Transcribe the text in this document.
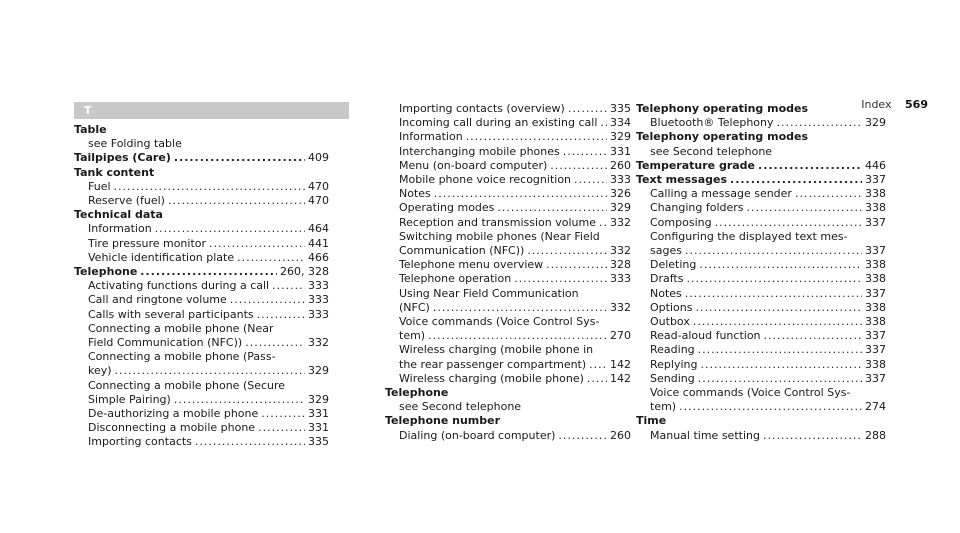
Index 569
T
Table
see Folding table
Tailpipes (Care) .....	409
Tank content
Fuel .....	470
Reserve (fuel) .....	470
Technical data
Information .....	464
Tire pressure monitor .....	441
Vehicle identification plate .....	466
Telephone .....	260, 328
Activating functions during a call .....	333
Call and ringtone volume .....	333
Calls with several participants .....	333
Connecting a mobile phone (Near
Field Communication (NFC)) .....	332
Connecting a mobile phone (Pass-
key) .....	329
Connecting a mobile phone (Secure
Simple Pairing) .....	329
De-authorizing a mobile phone .....	331
Disconnecting a mobile phone .....	331
Importing contacts .....	335
Importing contacts (overview) .....	335
Incoming call during an existing call ..... 334
Information .....	329
Interchanging mobile phones .....	331
Menu (on-board computer) .....	260
Mobile phone voice recognition .....	333
Notes .....	326
Operating modes .....	329
Reception and transmission volume ..... 332
Switching mobile phones (Near Field
Communication (NFC)) .....	332
Telephone menu overview .....	328
Telephone operation .....	333
Using Near Field Communication
(NFC) .....	332
Voice commands (Voice Control Sys-
tem) .....	270
Wireless charging (mobile phone in
the rear passenger compartment) ..... 142
Wireless charging (mobile phone) ..... 142
Telephone
see Second telephone
Telephone number
Dialing (on-board computer) .....	260
Telephony operating modes
Bluetooth® Telephony .....	329
Telephony operating modes
see Second telephone
Temperature grade .....	446
Text messages .....	337
Calling a message sender .....	338
Changing folders .....	338
Composing .....	337
Configuring the displayed text mes-
sages .....	337
Deleting .....	338
Drafts .....	338
Notes .....	337
Options .....	338
Outbox .....	338
Read-aloud function .....	337
Reading .....	337
Replying .....	338
Sending .....	337
Voice commands (Voice Control Sys-
tem) .....	274
Time
Manual time setting .....	288
